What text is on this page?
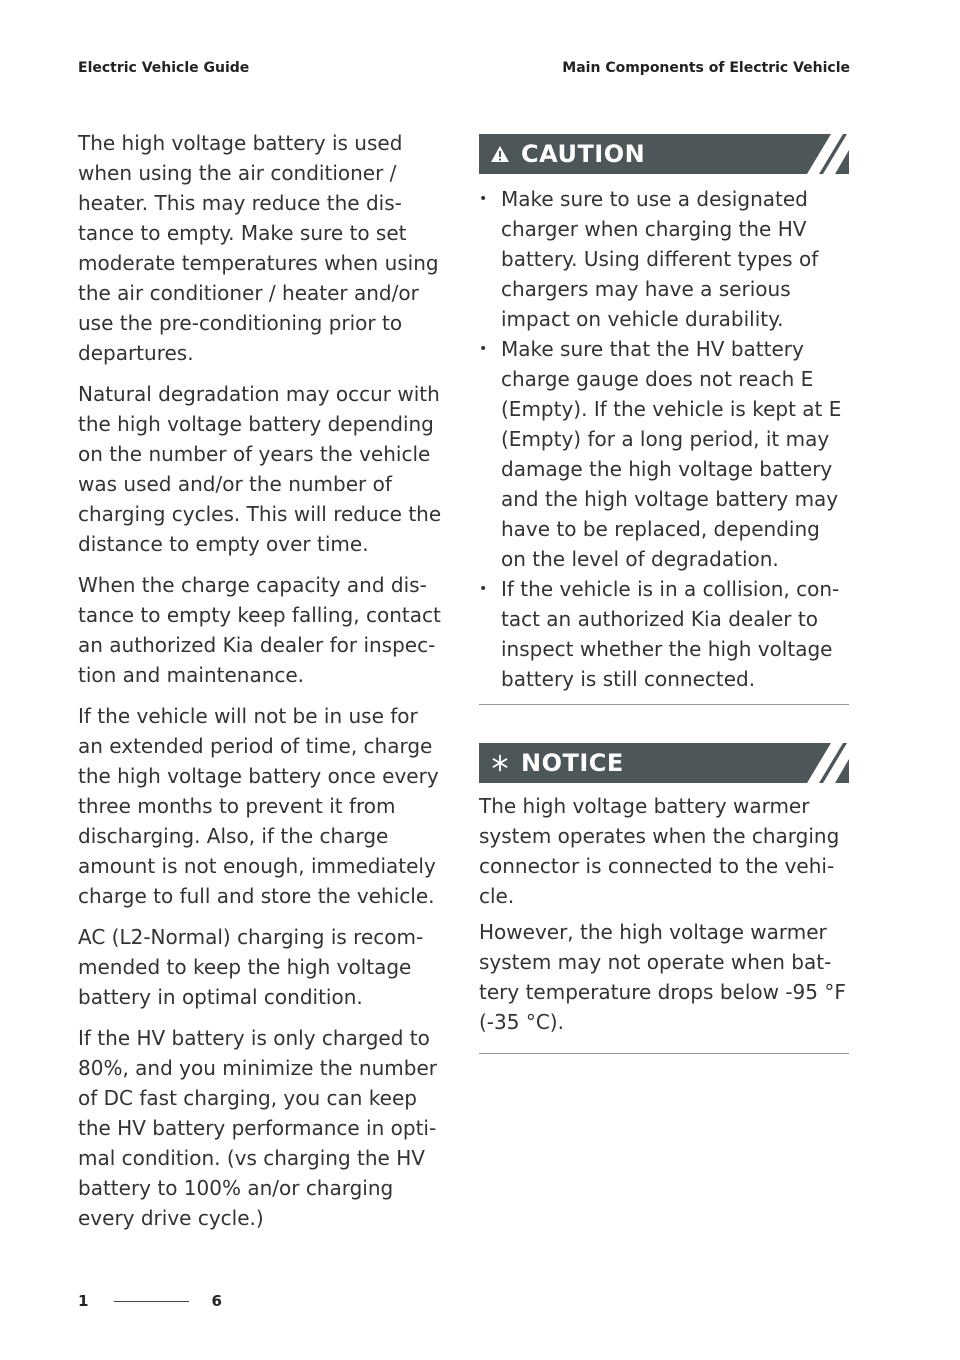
Electric Vehicle Guide	Main Components of Electric Vehicle

The high voltage battery is used when using the air conditioner / heater. This may reduce the dis-tance to empty. Make sure to set moderate temperatures when using the air conditioner / heater and/or use the pre-conditioning prior to departures.

Natural degradation may occur with the high voltage battery depending on the number of years the vehicle was used and/or the number of charging cycles. This will reduce the distance to empty over time.

When the charge capacity and dis-tance to empty keep falling, contact an authorized Kia dealer for inspec-tion and maintenance.

If the vehicle will not be in use for an extended period of time, charge the high voltage battery once every three months to prevent it from discharging. Also, if the charge amount is not enough, immediately charge to full and store the vehicle.

AC (L2-Normal) charging is recom-mended to keep the high voltage battery in optimal condition.

If the HV battery is only charged to 80%, and you minimize the number of DC fast charging, you can keep the HV battery performance in opti-mal condition. (vs charging the HV battery to 100% an/or charging every drive cycle.)

CAUTION
• Make sure to use a designated charger when charging the HV battery. Using different types of chargers may have a serious impact on vehicle durability.
• Make sure that the HV battery charge gauge does not reach E (Empty). If the vehicle is kept at E (Empty) for a long period, it may damage the high voltage battery and the high voltage battery may have to be replaced, depending on the level of degradation.
• If the vehicle is in a collision, con-tact an authorized Kia dealer to inspect whether the high voltage battery is still connected.
NOTICE

The high voltage battery warmer system operates when the charging connector is connected to the vehi-cle.

However, the high voltage warmer system may not operate when bat-tery temperature drops below -95 °F (-35 °C).

1	6
